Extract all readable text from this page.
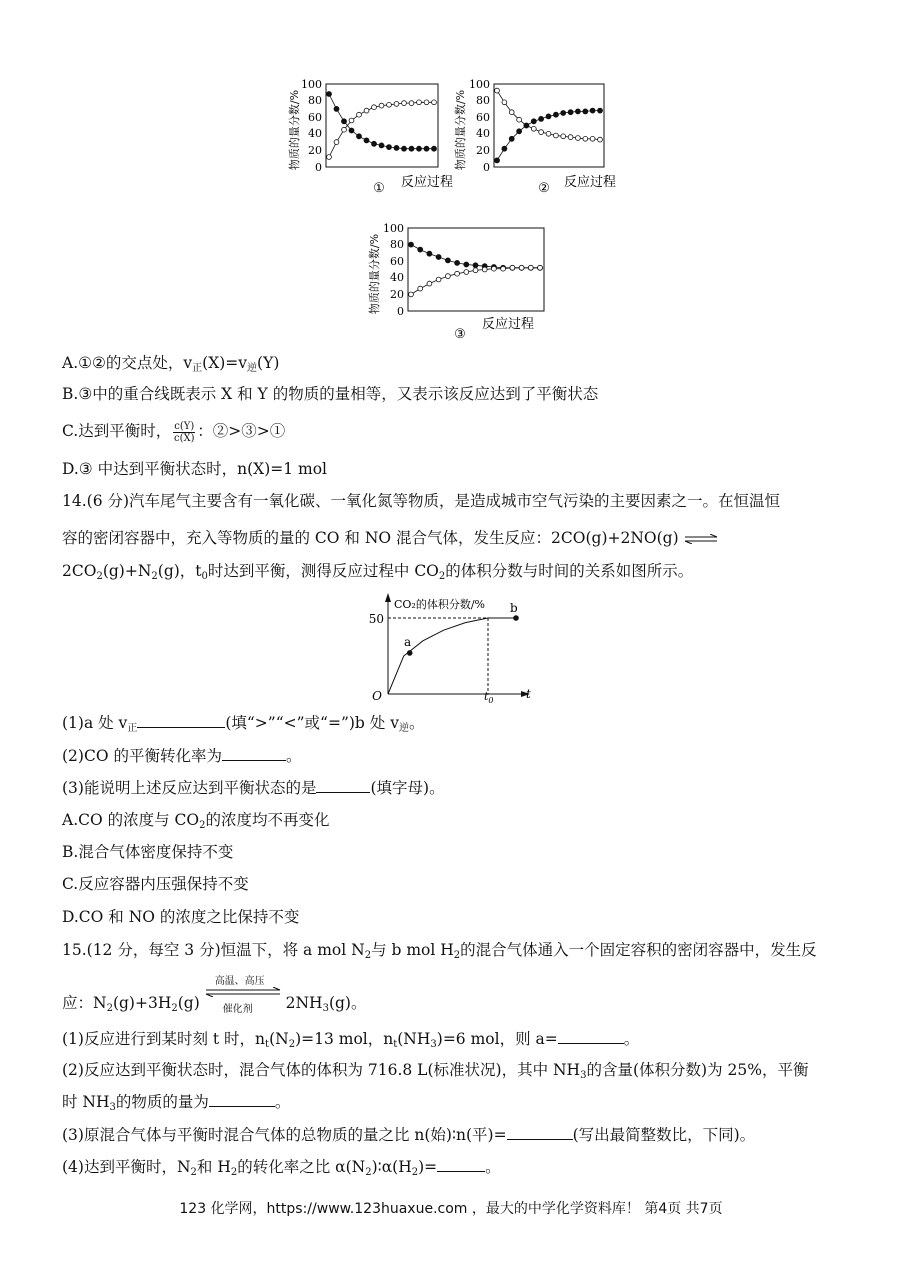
物质的量分数/%
100
80
60
40
20
0
① 反应过程
物质的量分数/%
100
80
60
40
20
0
② 反应过程
物质的量分数/%
100
80
60
40
20
0
③
反应过程
A.①②的交点处，$v_正(X)=v_逆(Y)$
B.③中的重合线既表示 X 和 Y 的物质的量相等，又表示该反应达到了平衡状态
C.达到平衡时， $\frac{c(Y)}{c(X)}$ ：②>③>①
D.③ 中达到平衡状态时，n(X)=1 mol
14.(6 分)汽车尾气主要含有一氧化碳、一氧化氮等物质，是造成城市空气污染的主要因素之一。在恒温恒
容的密闭容器中，充入等物质的量的 CO 和 NO 混合气体，发生反应：2CO(g)+2NO(g) ⇌
$2CO_2(g)+N_2(g)$，$t_0$时达到平衡，测得反应过程中 $CO_2$的体积分数与时间的关系如图所示。
CO₂的体积分数/%
50
O	t
$t_0$
a
b
(1)a 处 $v_正$	(填“>”“<”或“=”)b 处 $v_逆$。
(2)CO 的平衡转化率为	。
(3)能说明上述反应达到平衡状态的是	(填字母)。
A.CO 的浓度与 $CO_2$的浓度均不再变化
B.混合气体密度保持不变
C.反应容器内压强保持不变
D.CO 和 NO 的浓度之比保持不变
15.(12 分，每空 3 分)恒温下，将 a mol $N_2$与 b mol $H_2$的混合气体通入一个固定容积的密闭容器中，发生反
应：$N_2(g)+3H_2(g)$
高温、高压
催化剂 $2NH_3(g)$。
(1)反应进行到某时刻 t 时，$n_t(N_2)=13$ mol，$n_t(NH_3)=6$ mol，则 a=	。
(2)反应达到平衡状态时，混合气体的体积为 716.8 L(标准状况)，其中 $NH_3$的含量(体积分数)为 25%，平衡
时 $NH_3$的物质的量为	。
(3)原混合气体与平衡时混合气体的总物质的量之比 n(始)∶n(平)=	(写出最简整数比，下同)。
(4)达到平衡时，$N_2$和 $H_2$的转化率之比 $\alpha(N_2)∶\alpha(H_2)=$	。
123 化学网，https://www.123huaxue.com ，最大的中学化学资料库！ 第4页 共7页
